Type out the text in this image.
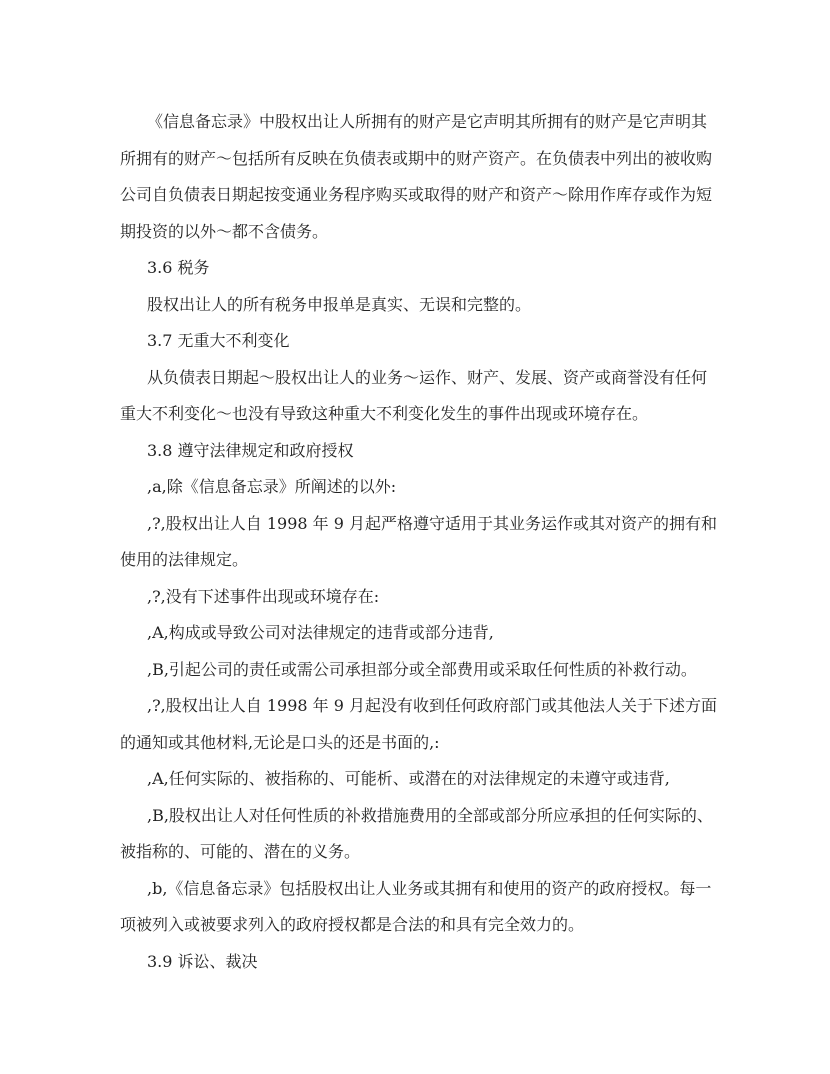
《信息备忘录》中股权出让人所拥有的财产是它声明其所拥有的财产是它声明其所拥有的财产～包括所有反映在负债表或期中的财产资产。在负债表中列出的被收购公司自负债表日期起按变通业务程序购买或取得的财产和资产～除用作库存或作为短期投资的以外～都不含债务。

3.6 税务

股权出让人的所有税务申报单是真实、无误和完整的。

3.7 无重大不利变化

从负债表日期起～股权出让人的业务～运作、财产、发展、资产或商誉没有任何重大不利变化～也没有导致这种重大不利变化发生的事件出现或环境存在。

3.8 遵守法律规定和政府授权

,a,除《信息备忘录》所阐述的以外:

,?,股权出让人自 1998 年 9 月起严格遵守适用于其业务运作或其对资产的拥有和使用的法律规定。

,?,没有下述事件出现或环境存在:

,A,构成或导致公司对法律规定的违背或部分违背,

,B,引起公司的责任或需公司承担部分或全部费用或采取任何性质的补救行动。

,?,股权出让人自 1998 年 9 月起没有收到任何政府部门或其他法人关于下述方面的通知或其他材料,无论是口头的还是书面的,:

,A,任何实际的、被指称的、可能析、或潜在的对法律规定的未遵守或违背,

,B,股权出让人对任何性质的补救措施费用的全部或部分所应承担的任何实际的、被指称的、可能的、潜在的义务。

,b,《信息备忘录》包括股权出让人业务或其拥有和使用的资产的政府授权。每一项被列入或被要求列入的政府授权都是合法的和具有完全效力的。

3.9 诉讼、裁决
